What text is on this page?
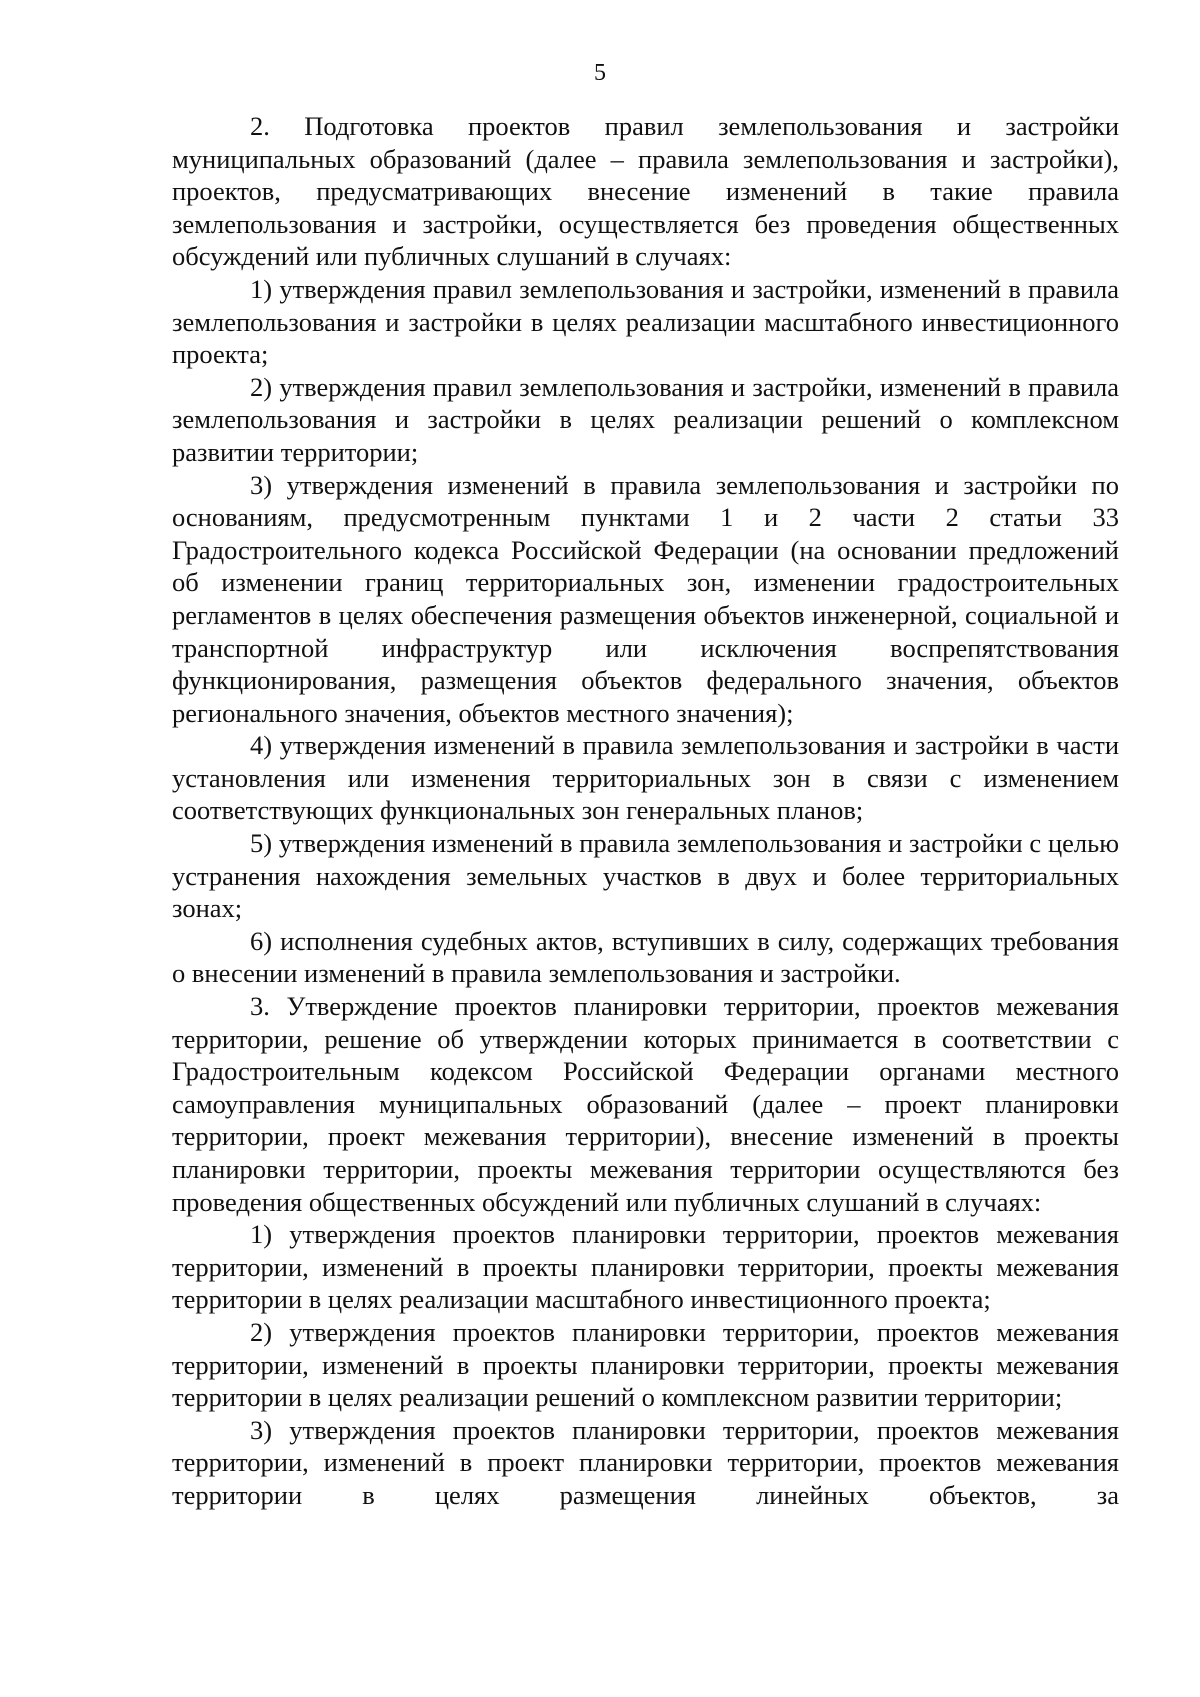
5

2. Подготовка проектов правил землепользования и застройки муниципальных образований (далее – правила землепользования и застройки), проектов, предусматривающих внесение изменений в такие правила землепользования и застройки, осуществляется без проведения общественных обсуждений или публичных слушаний в случаях:

1) утверждения правил землепользования и застройки, изменений в правила землепользования и застройки в целях реализации масштабного инвестиционного проекта;

2) утверждения правил землепользования и застройки, изменений в правила землепользования и застройки в целях реализации решений о комплексном развитии территории;

3) утверждения изменений в правила землепользования и застройки по основаниям, предусмотренным пунктами 1 и 2 части 2 статьи 33 Градостроительного кодекса Российской Федерации (на основании предложений об изменении границ территориальных зон, изменении градостроительных регламентов в целях обеспечения размещения объектов инженерной, социальной и транспортной инфраструктур или исключения воспрепятствования функционирования, размещения объектов федерального значения, объектов регионального значения, объектов местного значения);

4) утверждения изменений в правила землепользования и застройки в части установления или изменения территориальных зон в связи с изменением соответствующих функциональных зон генеральных планов;

5) утверждения изменений в правила землепользования и застройки с целью устранения нахождения земельных участков в двух и более территориальных зонах;

6) исполнения судебных актов, вступивших в силу, содержащих требования о внесении изменений в правила землепользования и застройки.

3. Утверждение проектов планировки территории, проектов межевания территории, решение об утверждении которых принимается в соответствии с Градостроительным кодексом Российской Федерации органами местного самоуправления муниципальных образований (далее – проект планировки территории, проект межевания территории), внесение изменений в проекты планировки территории, проекты межевания территории осуществляются без проведения общественных обсуждений или публичных слушаний в случаях:

1) утверждения проектов планировки территории, проектов межевания территории, изменений в проекты планировки территории, проекты межевания территории в целях реализации масштабного инвестиционного проекта;

2) утверждения проектов планировки территории, проектов межевания территории, изменений в проекты планировки территории, проекты межевания территории в целях реализации решений о комплексном развитии территории;

3) утверждения проектов планировки территории, проектов межевания территории, изменений в проект планировки территории, проектов межевания территории в целях размещения линейных объектов, за
